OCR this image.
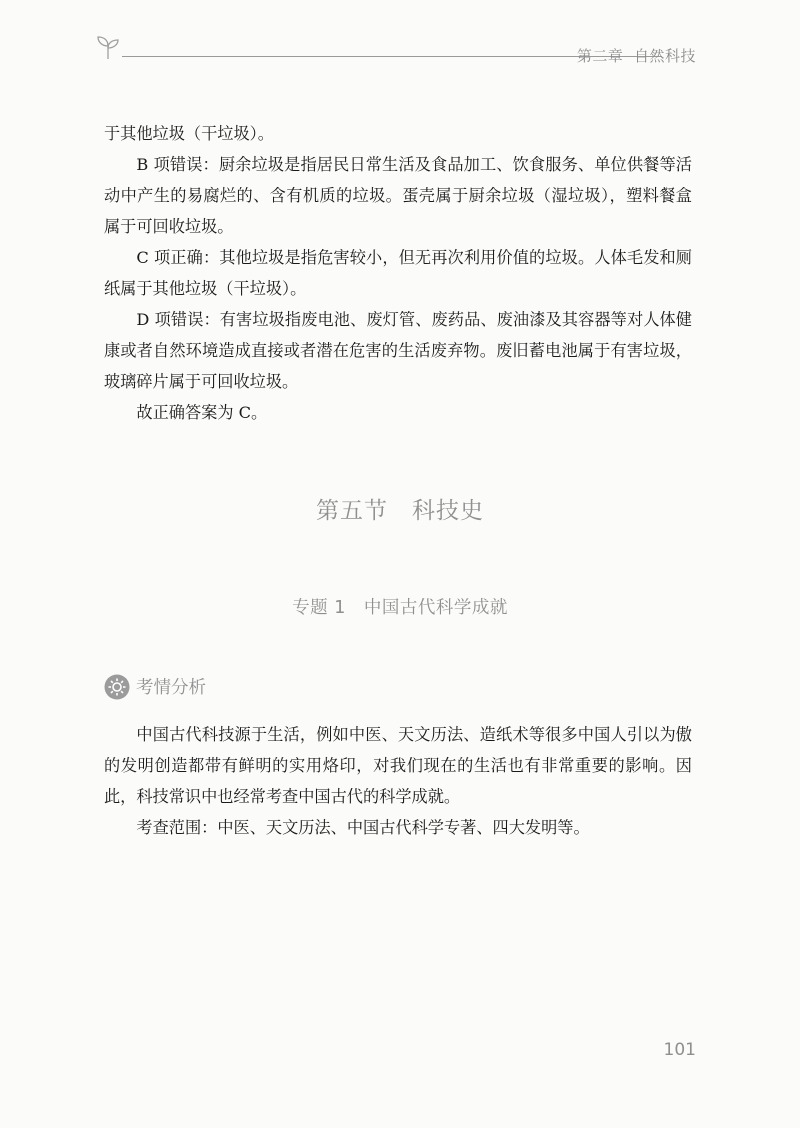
第二章 自然科技

于其他垃圾（干垃圾）。

B 项错误：厨余垃圾是指居民日常生活及食品加工、饮食服务、单位供餐等活动中产生的易腐烂的、含有机质的垃圾。蛋壳属于厨余垃圾（湿垃圾），塑料餐盒属于可回收垃圾。

C 项正确：其他垃圾是指危害较小，但无再次利用价值的垃圾。人体毛发和厕纸属于其他垃圾（干垃圾）。

D 项错误：有害垃圾指废电池、废灯管、废药品、废油漆及其容器等对人体健康或者自然环境造成直接或者潜在危害的生活废弃物。废旧蓄电池属于有害垃圾，玻璃碎片属于可回收垃圾。

故正确答案为 C。

第五节　科技史
专题 1　中国古代科学成就
考情分析

中国古代科技源于生活，例如中医、天文历法、造纸术等很多中国人引以为傲的发明创造都带有鲜明的实用烙印，对我们现在的生活也有非常重要的影响。因此，科技常识中也经常考查中国古代的科学成就。

考查范围：中医、天文历法、中国古代科学专著、四大发明等。

101
